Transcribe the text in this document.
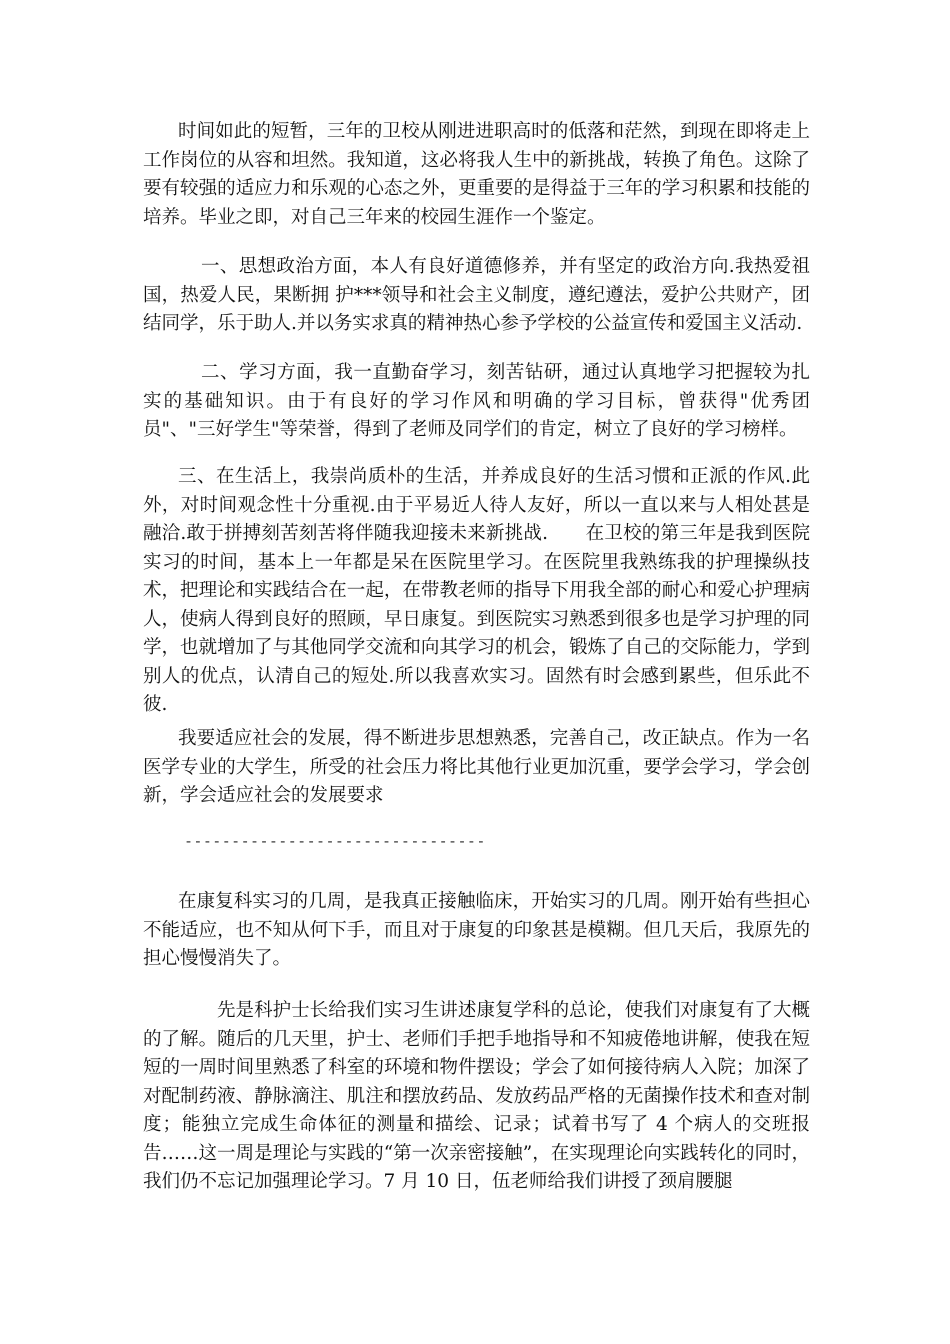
时间如此的短暂，三年的卫校从刚进进职高时的低落和茫然，到现在即将走上工作岗位的从容和坦然。我知道，这必将我人生中的新挑战，转换了角色。这除了要有较强的适应力和乐观的心态之外，更重要的是得益于三年的学习积累和技能的培养。毕业之即，对自己三年来的校园生涯作一个鉴定。

一、思想政治方面，本人有良好道德修养，并有坚定的政治方向.我热爱祖国，热爱人民，果断拥 护***领导和社会主义制度，遵纪遵法，爱护公共财产，团结同学，乐于助人.并以务实求真的精神热心参予学校的公益宣传和爱国主义活动.

二、学习方面，我一直勤奋学习，刻苦钻研，通过认真地学习把握较为扎实的基础知识。由于有良好的学习作风和明确的学习目标，曾获得"优秀团员"、"三好学生"等荣誉，得到了老师及同学们的肯定，树立了良好的学习榜样。

三、在生活上，我崇尚质朴的生活，并养成良好的生活习惯和正派的作风.此外，对时间观念性十分重视.由于平易近人待人友好，所以一直以来与人相处甚是融洽.敢于拼搏刻苦刻苦将伴随我迎接未来新挑战.　　在卫校的第三年是我到医院实习的时间，基本上一年都是呆在医院里学习。在医院里我熟练我的护理操纵技术，把理论和实践结合在一起，在带教老师的指导下用我全部的耐心和爱心护理病人，使病人得到良好的照顾，早日康复。到医院实习熟悉到很多也是学习护理的同学，也就增加了与其他同学交流和向其学习的机会，锻炼了自己的交际能力，学到别人的优点，认清自己的短处.所以我喜欢实习。固然有时会感到累些，但乐此不彼.

我要适应社会的发展，得不断进步思想熟悉，完善自己，改正缺点。作为一名医学专业的大学生，所受的社会压力将比其他行业更加沉重，要学会学习，学会创新，学会适应社会的发展要求

--------------------------------

在康复科实习的几周，是我真正接触临床，开始实习的几周。刚开始有些担心不能适应，也不知从何下手，而且对于康复的印象甚是模糊。但几天后，我原先的担心慢慢消失了。

先是科护士长给我们实习生讲述康复学科的总论，使我们对康复有了大概的了解。随后的几天里，护士、老师们手把手地指导和不知疲倦地讲解，使我在短短的一周时间里熟悉了科室的环境和物件摆设；学会了如何接待病人入院；加深了对配制药液、静脉滴注、肌注和摆放药品、发放药品严格的无菌操作技术和查对制度；能独立完成生命体征的测量和描绘、记录；试着书写了 4 个病人的交班报告……这一周是理论与实践的“第一次亲密接触”，在实现理论向实践转化的同时，我们仍不忘记加强理论学习。7 月 10 日，伍老师给我们讲授了颈肩腰腿
